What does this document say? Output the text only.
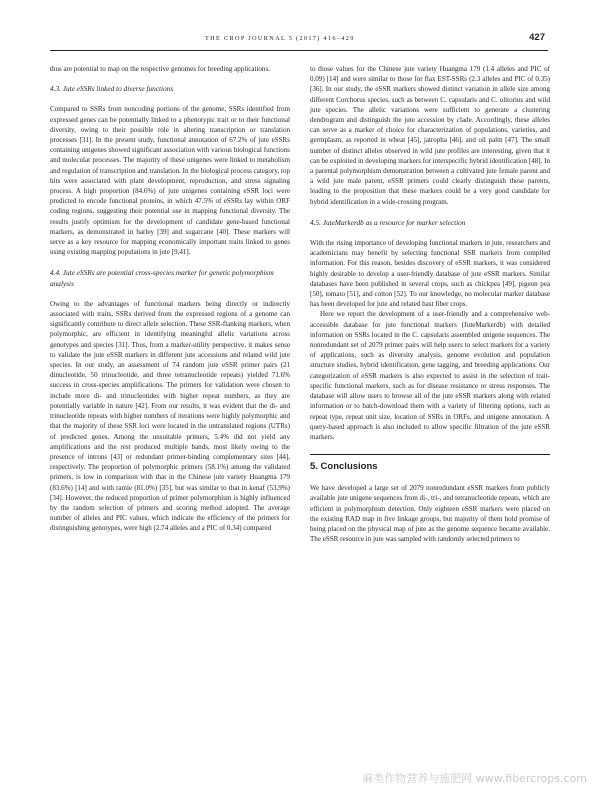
THE CROP JOURNAL 5 (2017) 416–429	427

thus are potential to map on the respective genomes for breeding applications.

4.3. Jute eSSRs linked to diverse functions

Compared to SSRs from noncoding portions of the genome, SSRs identified from expressed genes can be potentially linked to a phenotypic trait or to their functional diversity, owing to their possible role in altering transcription or translation processes [31]. In the present study, functional annotation of 67.2% of jute eSSRs containing unigenes showed significant association with various biological functions and molecular processes. The majority of these unigenes were linked to metabolism and regulation of transcription and translation. In the biological process category, top hits were associated with plant development, reproduction, and stress signaling process. A high proportion (84.6%) of jute unigenes containing eSSR loci were predicted to encode functional proteins, in which 47.5% of eSSRs lay within ORF coding regions, suggesting their potential use in mapping functional diversity. The results justify optimism for the development of candidate gene-based functional markers, as demonstrated in barley [39] and sugarcane [40]. These markers will serve as a key resource for mapping economically important traits linked to genes using existing mapping populations in jute [9,41].

4.4. Jute eSSRs are potential cross-species marker for genetic polymorphism analysis

Owing to the advantages of functional markers being directly or indirectly associated with traits, SSRs derived from the expressed regions of a genome can significantly contribute to direct allele selection. These SSR-flanking markers, when polymorphic, are efficient in identifying meaningful allelic variations across genotypes and species [31]. Thus, from a marker-utility perspective, it makes sense to validate the jute eSSR markers in different jute accessions and related wild jute species. In our study, an assessment of 74 random jute eSSR primer pairs (21 dinucleotide, 50 trinucleotide, and three tetranucleotide repeats) yielded 71.6% success in cross-species amplifications. The primers for validation were chosen to include more di- and trinucleotides with higher repeat numbers, as they are potentially variable in nature [42]. From our results, it was evident that the di- and trinucleotide repeats with higher numbers of iterations were highly polymorphic and that the majority of these SSR loci were located in the untranslated regions (UTRs) of predicted genes. Among the unsuitable primers, 5.4% did not yield any amplifications and the rest produced multiple bands, most likely owing to the presence of introns [43] or redundant primer-binding complementary sites [44], respectively. The proportion of polymorphic primers (58.1%) among the validated primers, is low in comparison with that in the Chinese jute variety Huangma 179 (83.6%) [14] and with ramie (81.0%) [35], but was similar to that in kenaf (53.9%) [34]. However, the reduced proportion of primer polymorphism is highly influenced by the random selection of primers and scoring method adopted. The average number of alleles and PIC values, which indicate the efficiency of the primers for distinguishing genotypes, were high (2.74 alleles and a PIC of 0.34) compared

to those values for the Chinese jute variety Huangma 179 (1.4 alleles and PIC of 0.09) [14] and were similar to those for flax EST-SSRs (2.3 alleles and PIC of 0.35) [36]. In our study, the eSSR markers showed distinct variation in allele size among different Corchorus species, such as between C. capsularis and C. olitorius and wild jute species. The allelic variations were sufficient to generate a clustering dendrogram and distinguish the jute accession by clade. Accordingly, these alleles can serve as a marker of choice for characterization of populations, varieties, and germplasm, as reported in wheat [45], jatropha [46], and oil palm [47]. The small number of distinct alleles observed in wild jute profiles are interesting, given that it can be exploited in developing markers for interspecific hybrid identification [48]. In a parental polymorphism demonstration between a cultivated jute female parent and a wild jute male parent, eSSR primers could clearly distinguish these parents, leading to the proposition that these markers could be a very good candidate for hybrid identification in a wide-crossing program.

4.5. JuteMarkerdb as a resource for marker selection

With the rising importance of developing functional markers in jute, researchers and academicians may benefit by selecting functional SSR markers from compiled information. For this reason, besides discovery of eSSR markers, it was considered highly desirable to develop a user-friendly database of jute eSSR markers. Similar databases have been published in several crops, such as chickpea [49], pigeon pea [50], tomato [51], and cotton [52]. To our knowledge, no molecular marker database has been developed for jute and related bast fiber crops.

Here we report the development of a user-friendly and a comprehensive web-accessible database for jute functional markers (JuteMarkerdb) with detailed information on SSRs located in the C. capsularis assembled unigene sequences. The nonredundant set of 2079 primer pairs will help users to select markers for a variety of applications, such as diversity analysis, genome evolution and population structure studies, hybrid identification, gene tagging, and breeding applications. Our categorization of eSSR markers is also expected to assist in the selection of trait-specific functional markers, such as for disease resistance or stress responses. The database will allow users to browse all of the jute eSSR markers along with related information or to batch-download them with a variety of filtering options, such as repeat type, repeat unit size, location of SSRs in ORFs, and unigene annotation. A query-based approach is also included to allow specific filtration of the jute eSSR markers.

5. Conclusions

We have developed a large set of 2079 nonredundant eSSR markers from publicly available jute unigene sequences from di-, tri-, and tetranucleotide repeats, which are efficient in polymorphism detection. Only eighteen eSSR markers were placed on the existing RAD map in five linkage groups, but majority of them hold promise of being placed on the physical map of jute as the genome sequence became available. The eSSR resource in jute was sampled with randomly selected primers to

麻类作物营养与施肥网 www.fibercrops.com
